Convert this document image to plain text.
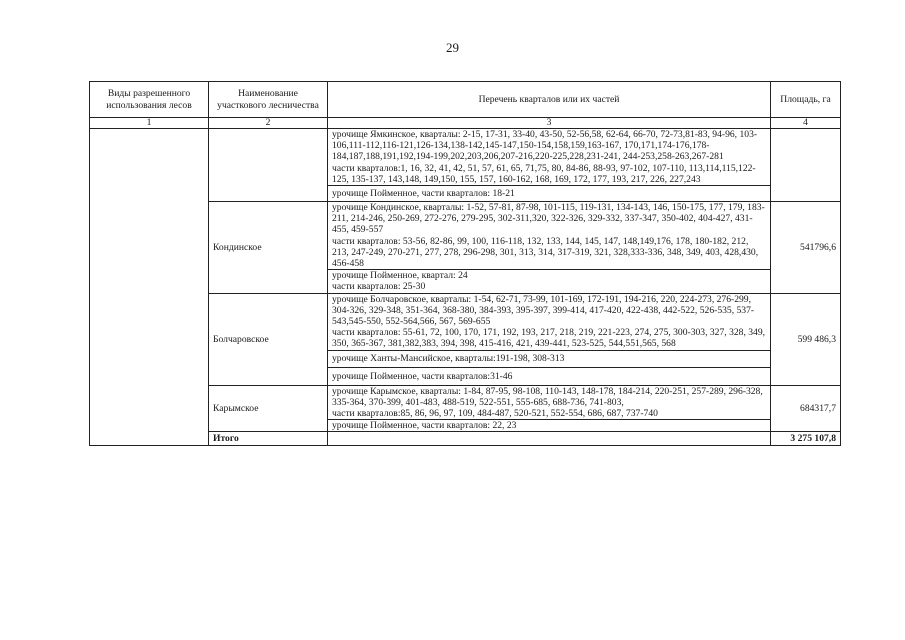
29
Виды разрешенного использования лесов	Наименование участкового лесничества	Перечень кварталов или их частей	Площадь, га
1	2	3	4

		урочище Ямкинское, кварталы: 2-15, 17-31, 33-40, 43-50, 52-56,58, 62-64, 66-70, 72-73,81-83, 94-96, 103-106,111-112,116-121,126-134,138-142,145-147,150-154,158,159,163-167, 170,171,174-176,178-184,187,188,191,192,194-199,202,203,206,207-216,220-225,228,231-241, 244-253,258-263,267-281
части кварталов:1, 16, 32, 41, 42, 51, 57, 61, 65, 71,75, 80, 84-86, 88-93, 97-102, 107-110, 113,114,115,122-125, 135-137, 143,148, 149,150, 155, 157, 160-162, 168, 169, 172, 177, 193, 217, 226, 227,243	

		урочище Пойменное, части кварталов: 18-21	
	Кондинское	урочище Кондинское, кварталы: 1-52, 57-81, 87-98, 101-115, 119-131, 134-143, 146, 150-175, 177, 179, 183-211, 214-246, 250-269, 272-276, 279-295, 302-311,320, 322-326, 329-332, 337-347, 350-402, 404-427, 431-455, 459-557
части кварталов: 53-56, 82-86, 99, 100, 116-118, 132, 133, 144, 145, 147, 148,149,176, 178, 180-182, 212, 213, 247-249, 270-271, 277, 278, 296-298, 301, 313, 314, 317-319, 321, 328,333-336, 348, 349, 403, 428,430, 456-458	541796,6

		урочище Пойменное, квартал: 24
части кварталов: 25-30	

	Болчаровское	урочище Болчаровское, кварталы: 1-54, 62-71, 73-99, 101-169, 172-191, 194-216, 220, 224-273, 276-299, 304-326, 329-348, 351-364, 368-380, 384-393, 395-397, 399-414, 417-420, 422-438, 442-522, 526-535, 537-543,545-550, 552-564,566, 567, 569-655
части кварталов: 55-61, 72, 100, 170, 171, 192, 193, 217, 218, 219, 221-223, 274, 275, 300-303, 327, 328, 349, 350, 365-367, 381,382,383, 394, 398, 415-416, 421, 439-441, 523-525, 544,551,565, 568	599 486,3
		урочище Ханты-Мансийское, кварталы:191-198, 308-313	
		урочище Пойменное, части кварталов:31-46	
	Карымское	урочище Карымское, кварталы: 1-84, 87-95, 98-108, 110-143, 148-178, 184-214, 220-251, 257-289, 296-328, 335-364, 370-399, 401-483, 488-519, 522-551, 555-685, 688-736, 741-803,
части кварталов:85, 86, 96, 97, 109, 484-487, 520-521, 552-554, 686, 687, 737-740	684317,7
		урочище Пойменное, части кварталов: 22, 23	
	Итого		3 275 107,8
